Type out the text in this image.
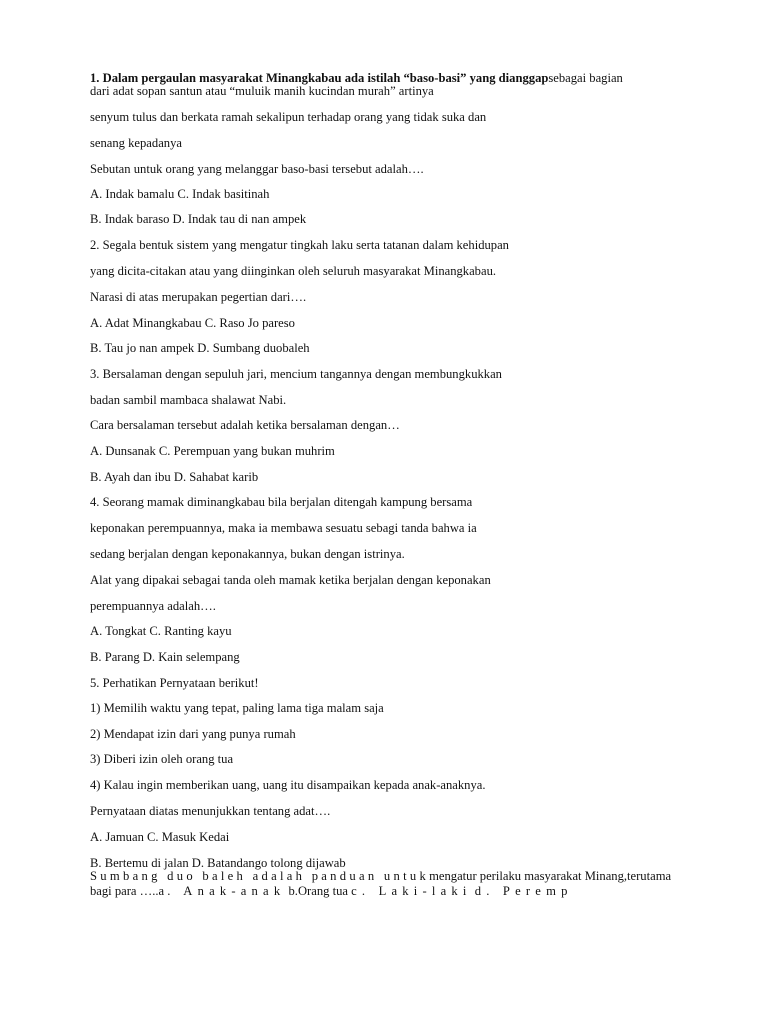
1. Dalam pergaulan masyarakat Minangkabau ada istilah “baso-basi” yang dianggapsebagai bagian
dari adat sopan santun atau “muluik manih kucindan murah” artinya
senyum tulus dan berkata ramah sekalipun terhadap orang yang tidak suka dan
senang kepadanya
Sebutan untuk orang yang melanggar baso-basi tersebut adalah….
A. Indak bamalu C. Indak basitinah
B. Indak baraso D. Indak tau di nan ampek
2. Segala bentuk sistem yang mengatur tingkah laku serta tatanan dalam kehidupan
yang dicita-citakan atau yang diinginkan oleh seluruh masyarakat Minangkabau.
Narasi di atas merupakan pegertian dari….
A. Adat Minangkabau C. Raso Jo pareso
B. Tau jo nan ampek D. Sumbang duobaleh
3. Bersalaman dengan sepuluh jari, mencium tangannya dengan membungkukkan
badan sambil mambaca shalawat Nabi.
Cara bersalaman tersebut adalah ketika bersalaman dengan…
A. Dunsanak C. Perempuan yang bukan muhrim
B. Ayah dan ibu D. Sahabat karib
4. Seorang mamak diminangkabau bila berjalan ditengah kampung bersama
keponakan perempuannya, maka ia membawa sesuatu sebagi tanda bahwa ia
sedang berjalan dengan keponakannya, bukan dengan istrinya.
Alat yang dipakai sebagai tanda oleh mamak ketika berjalan dengan keponakan
perempuannya adalah….
A. Tongkat C. Ranting kayu
B. Parang D. Kain selempang
5. Perhatikan Pernyataan berikut!
1) Memilih waktu yang tepat, paling lama tiga malam saja
2) Mendapat izin dari yang punya rumah
3) Diberi izin oleh orang tua
4) Kalau ingin memberikan uang, uang itu disampaikan kepada anak-anaknya.
Pernyataan diatas menunjukkan tentang adat….
A. Jamuan C. Masuk Kedai
B. Bertemu di jalan D. Batandango tolong dijawab
Sumbang duo baleh adalah panduan untukmengatur perilaku masyarakat Minang,terutama
bagi para …..a . Anak-anak b.Orang tua c. Laki-laki d. Peremp
